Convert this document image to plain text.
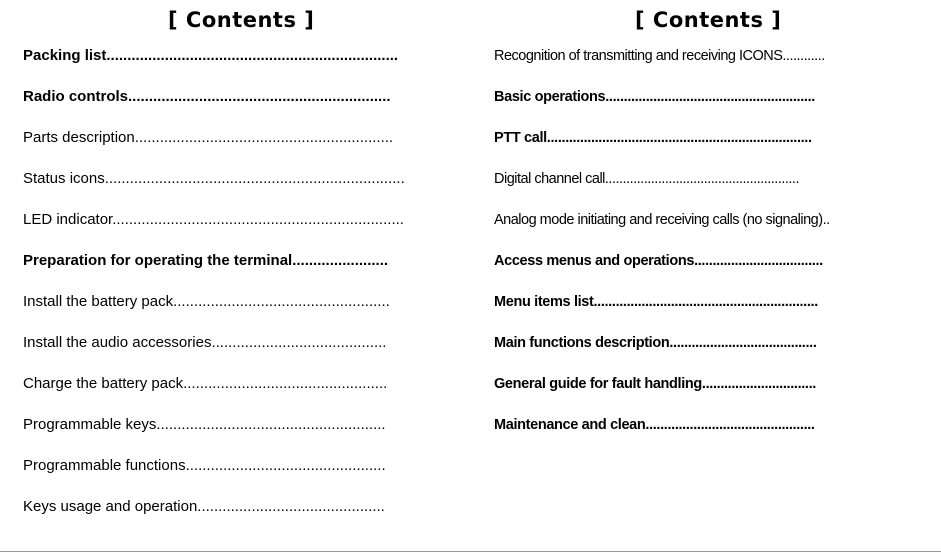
[ Contents ]
Packing list......................................................................
Radio controls...............................................................
Parts description..............................................................
Status icons........................................................................
LED indicator......................................................................
Preparation for operating the terminal.......................
Install the battery pack....................................................
Install the audio accessories..........................................
Charge the battery pack.................................................
Programmable keys.......................................................
Programmable functions................................................
Keys usage and operation.............................................
[ Contents ]
Recognition of transmitting and receiving ICONS............
Basic operations.........................................................
PTT call........................................................................
Digital channel call.......................................................
Analog mode initiating and receiving calls (no signaling)..
Access menus and operations...................................
Menu items list.............................................................
Main functions description........................................
General guide for fault handling...............................
Maintenance and clean..............................................
